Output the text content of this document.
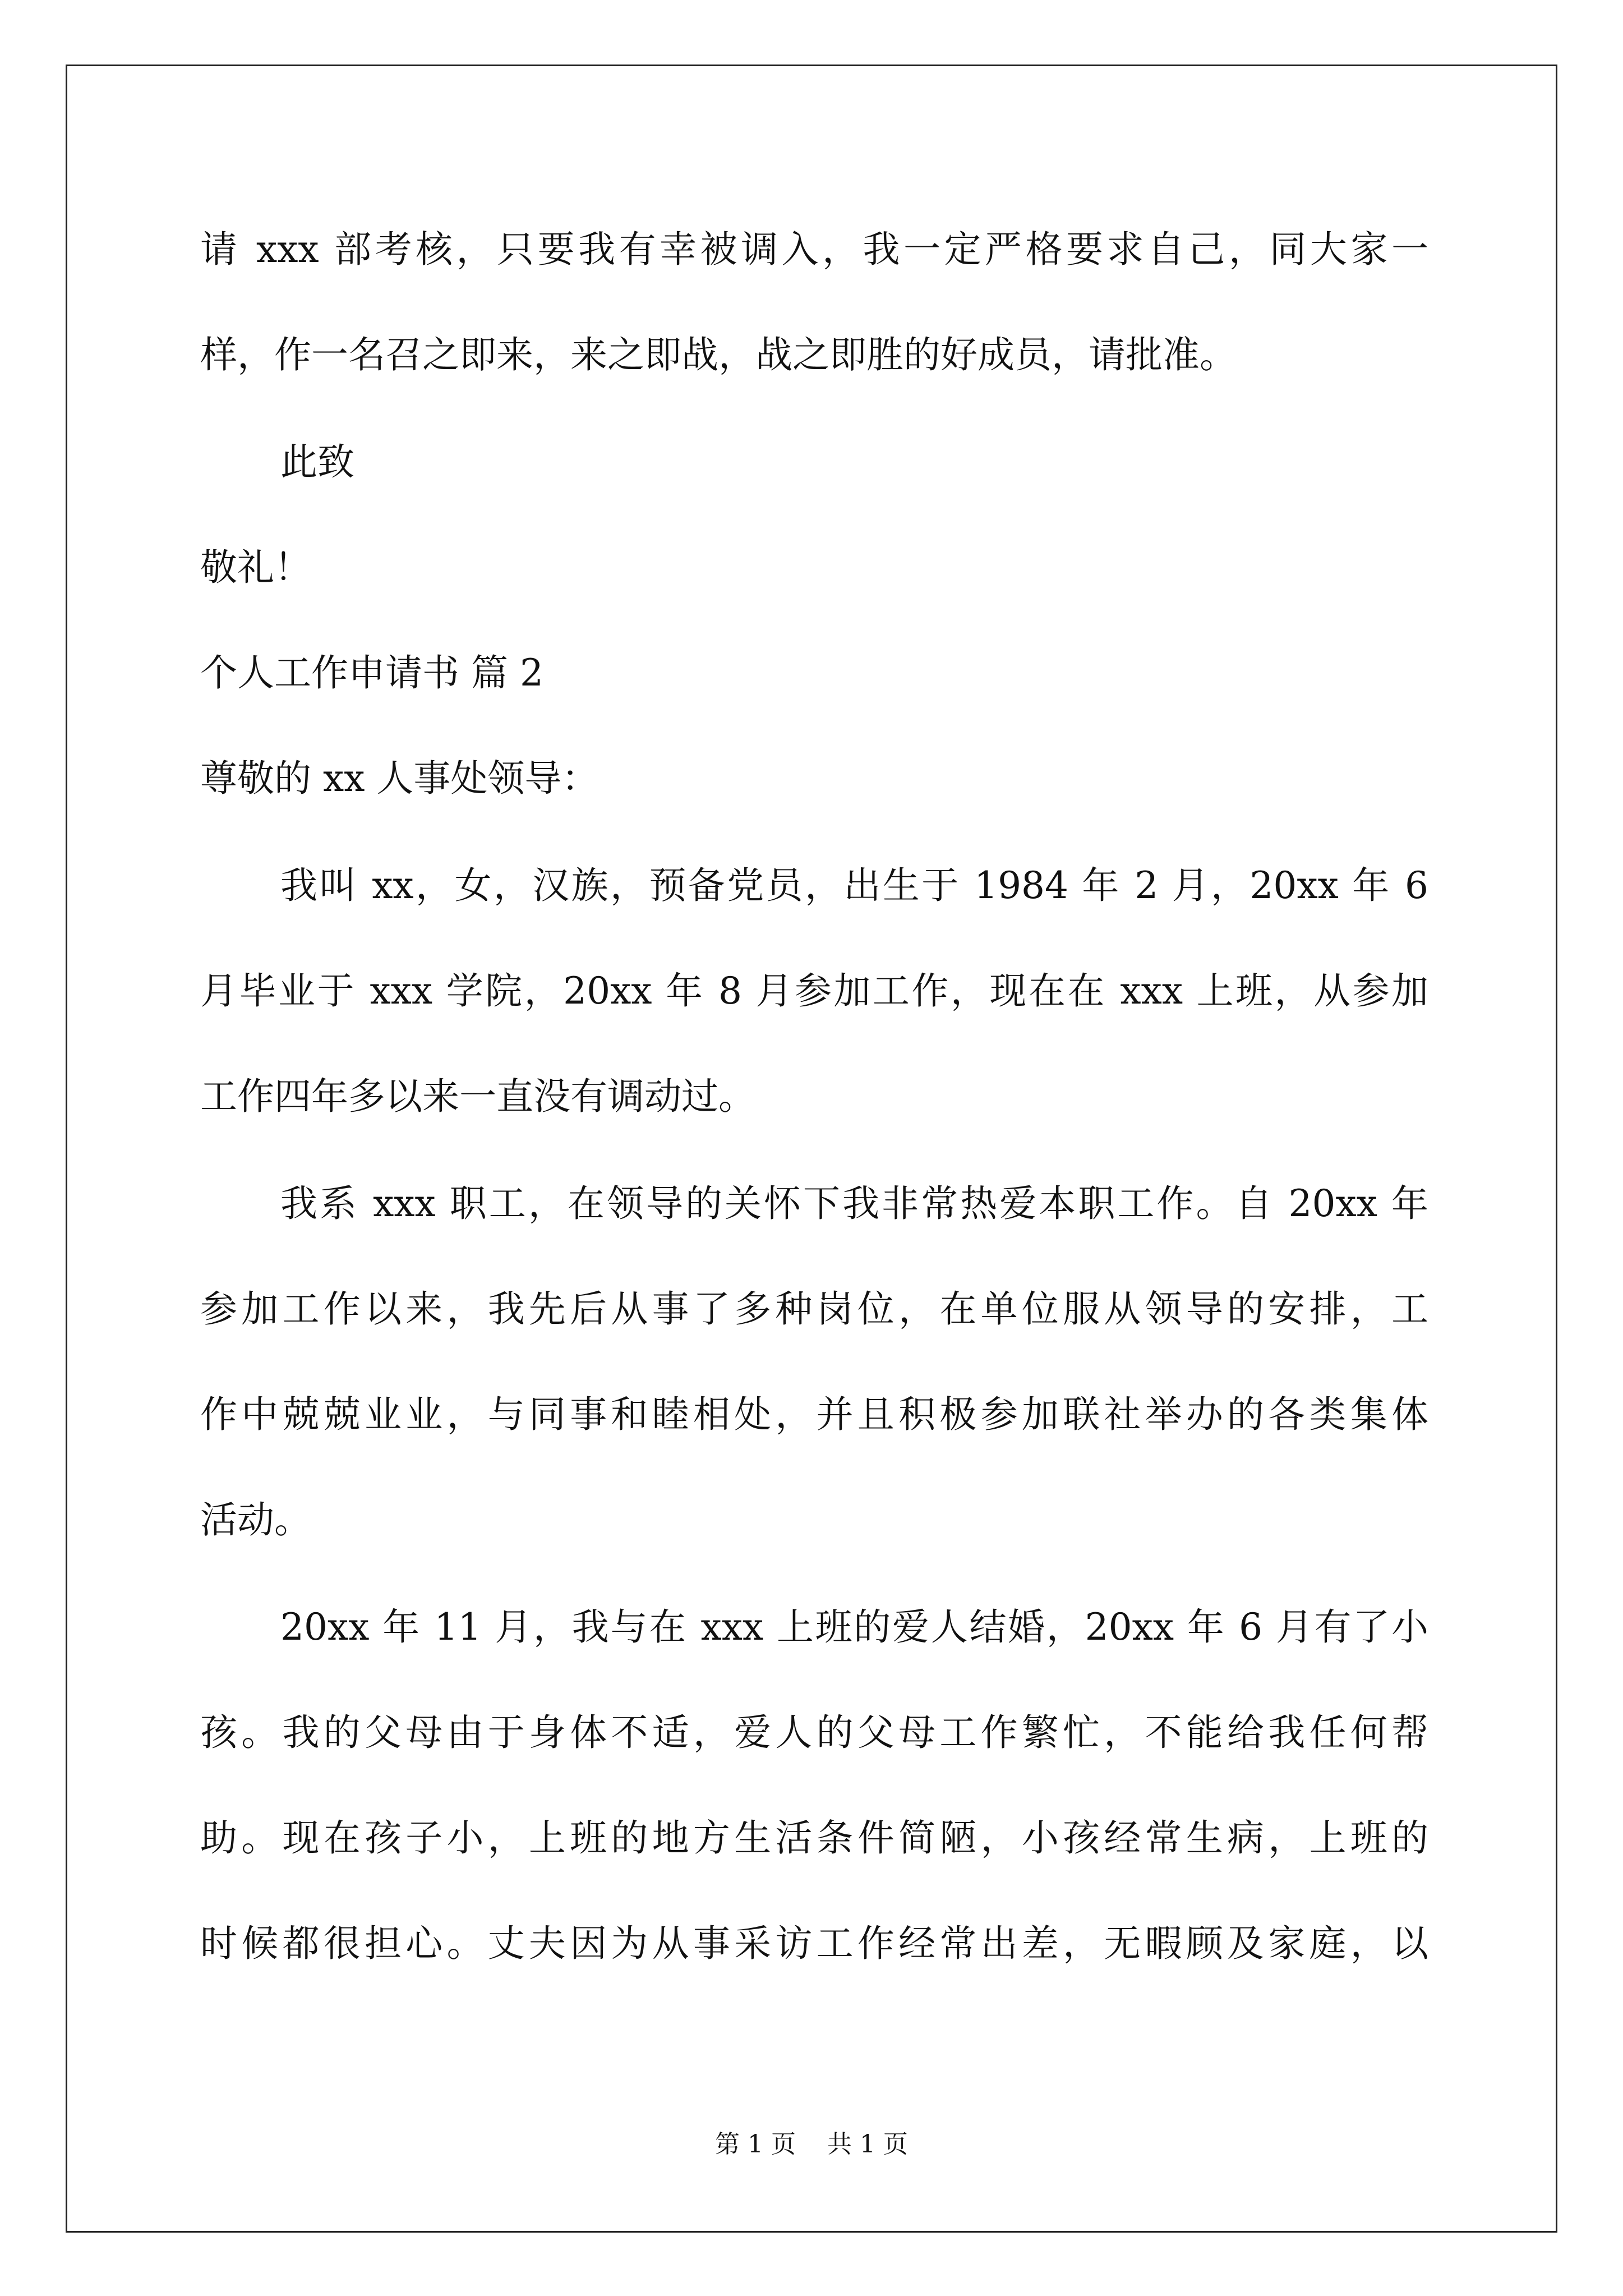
请 xxx 部考核，只要我有幸被调入，我一定严格要求自己，同大家一
样，作一名召之即来，来之即战，战之即胜的好成员，请批准。
此致
敬礼！
个人工作申请书 篇 2
尊敬的 xx 人事处领导：
我叫 xx，女，汉族，预备党员，出生于 1984 年 2 月，20xx 年 6
月毕业于 xxx 学院，20xx 年 8 月参加工作，现在在 xxx 上班，从参加
工作四年多以来一直没有调动过。
我系 xxx 职工，在领导的关怀下我非常热爱本职工作。自 20xx 年
参加工作以来，我先后从事了多种岗位，在单位服从领导的安排，工
作中兢兢业业，与同事和睦相处，并且积极参加联社举办的各类集体
活动。
20xx 年 11 月，我与在 xxx 上班的爱人结婚，20xx 年 6 月有了小
孩。我的父母由于身体不适，爱人的父母工作繁忙，不能给我任何帮
助。现在孩子小，上班的地方生活条件简陋，小孩经常生病，上班的
时候都很担心。丈夫因为从事采访工作经常出差，无暇顾及家庭，以
第 1 页    共 1 页
